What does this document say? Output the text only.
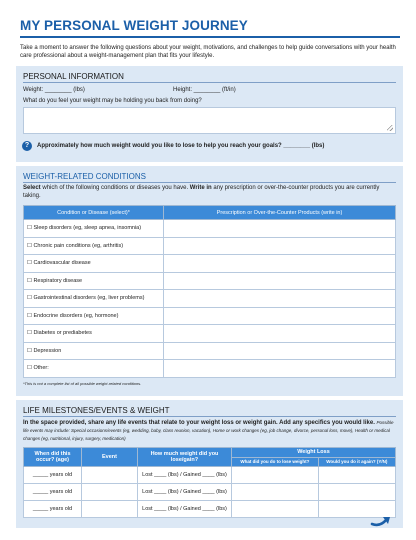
MY PERSONAL WEIGHT JOURNEY
Take a moment to answer the following questions about your weight, motivations, and challenges to help guide conversations with your health care professional about a weight-management plan that fits your lifestyle.
PERSONAL INFORMATION
Weight: ________ (lbs)	Height: ________ (ft/in)
What do you feel your weight may be holding you back from doing?
?	Approximately how much weight would you like to lose to help you reach your goals? ________ (lbs)
WEIGHT-RELATED CONDITIONS
Select which of the following conditions or diseases you have. Write in any prescription or over-the-counter products you are currently taking.
Condition or Disease (select)*	Prescription or Over-the-Counter Products (write in)
☐ Sleep disorders (eg, sleep apnea, insomnia)	
☐ Chronic pain conditions (eg, arthritis)	
☐ Cardiovascular disease	
☐ Respiratory disease	
☐ Gastrointestinal disorders (eg, liver problems)	
☐ Endocrine disorders (eg, hormone)	
☐ Diabetes or prediabetes	
☐ Depression	
☐ Other:	
*This is not a complete list of all possible weight-related conditions.
LIFE MILESTONES/EVENTS & WEIGHT
In the space provided, share any life events that relate to your weight loss or weight gain. Add any specifics you would like. Possible life events may include: Special occasions/events (eg, wedding, baby, class reunion, vacation), Home or work changes (eg, job change, divorce, personal loss, move), Health or medical changes (eg, nutritional, injury, surgery, medication)
When did this occur? (age)	Event	How much weight did you lose/gain?	Weight Loss	
			What did you do to lose weight?	Would you do it again? (Y/N)
_____ years old		Lost ____ (lbs) / Gained ____ (lbs)		
_____ years old		Lost ____ (lbs) / Gained ____ (lbs)		
_____ years old		Lost ____ (lbs) / Gained ____ (lbs)		
